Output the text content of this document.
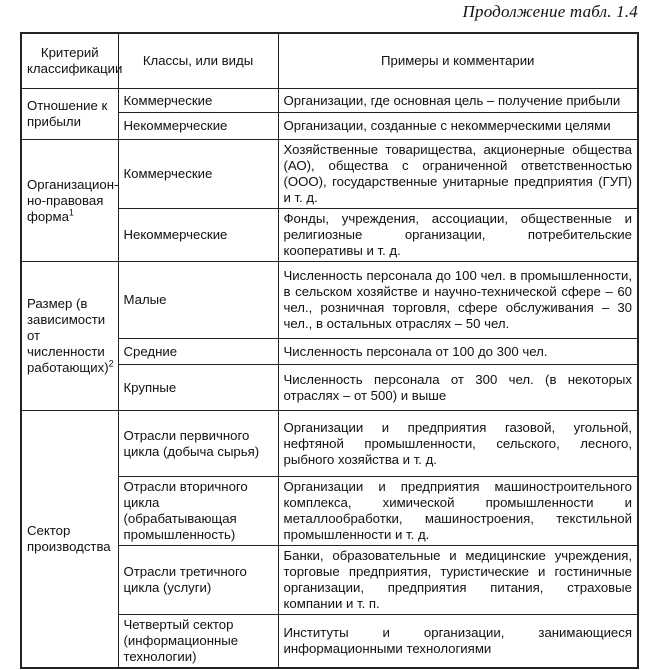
Продолжение табл. 1.4
Критерий классификации	Классы, или виды	Примеры и комментарии
Отношение к прибыли	Коммерческие	Организации, где основная цель – получение прибыли
	Некоммерческие	Организации, созданные с некоммерческими целями
Организацион-но-правовая форма$^1$	Коммерческие	Хозяйственные товарищества, акционерные общества (АО), общества с ограниченной ответственностью (ООО), государственные унитарные предприятия (ГУП) и т. д.
	Некоммерческие	Фонды, учреждения, ассоциации, общественные и религиозные организации, потребительские кооперативы и т. д.
Размер (в зависимости от численности работающих)$^2$	Малые	Численность персонала до 100 чел. в промышленности, в сельском хозяйстве и научно-технической сфере – 60 чел., розничная торговля, сфере обслуживания – 30 чел., в остальных отраслях – 50 чел.
	Средние	Численность персонала от 100 до 300 чел.
	Крупные	Численность персонала от 300 чел. (в некоторых отраслях – от 500) и выше
Сектор производства	Отрасли первичного цикла (добыча сырья)	Организации и предприятия газовой, угольной, нефтяной промышленности, сельского, лесного, рыбного хозяйства и т. д.
	Отрасли вторичного цикла (обрабатывающая промышленность)	Организации и предприятия машиностроительного комплекса, химической промышленности и металлообработки, машиностроения, текстильной промышленности и т. д.
	Отрасли третичного цикла (услуги)	Банки, образовательные и медицинские учреждения, торговые предприятия, туристические и гостиничные организации, предприятия питания, страховые компании и т. п.
	Четвертый сектор (информационные технологии)	Институты и организации, занимающиеся информационными технологиями
